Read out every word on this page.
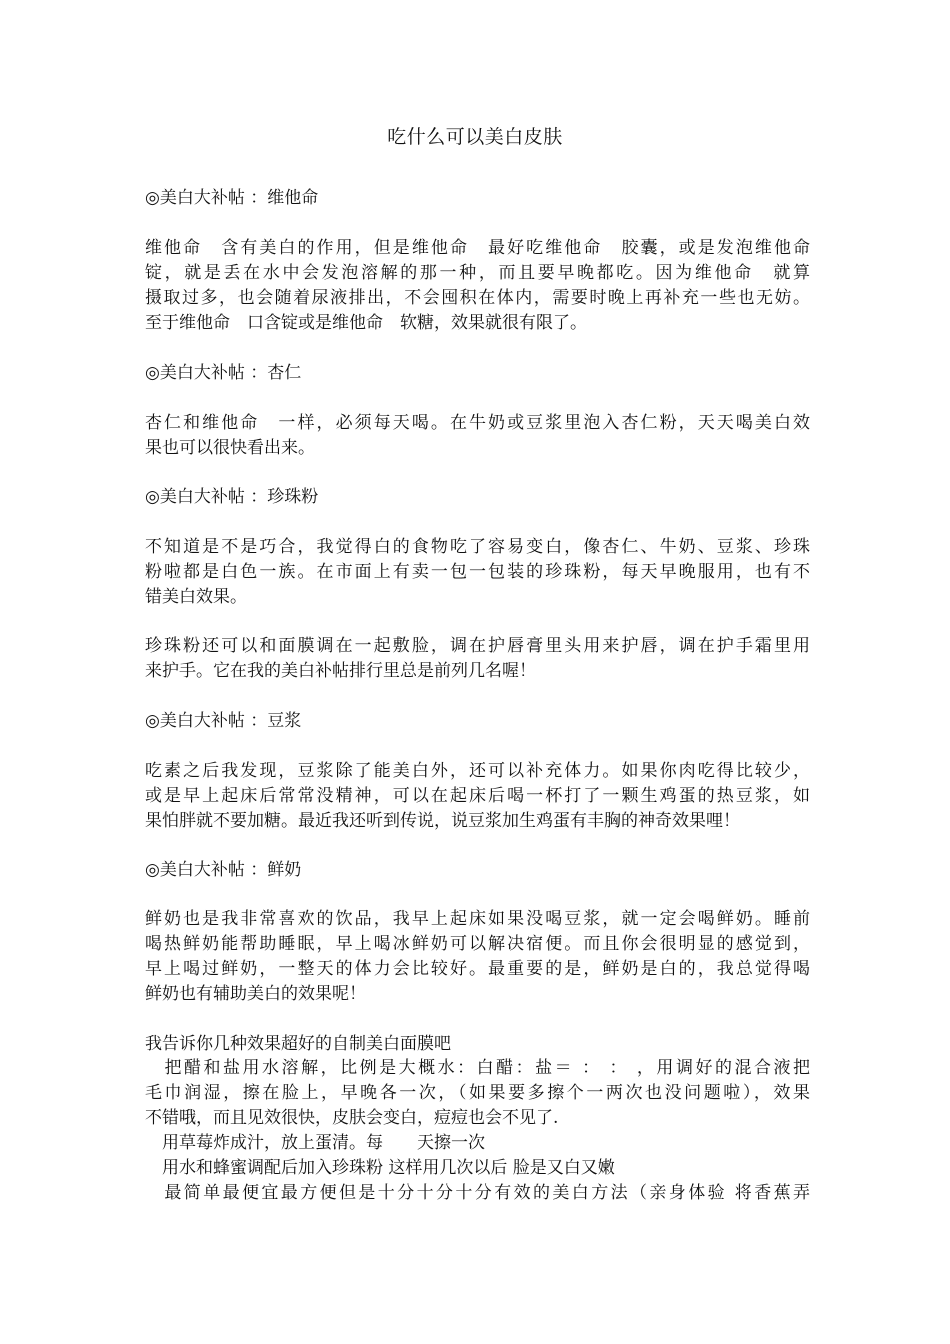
吃什么可以美白皮肤
◎美白大补帖 ：维他命
维他命　含有美白的作用，但是维他命　最好吃维他命　胶囊，或是发泡维他命
锭，就是丢在水中会发泡溶解的那一种，而且要早晚都吃。因为维他命　就算
摄取过多，也会随着尿液排出，不会囤积在体内，需要时晚上再补充一些也无妨。
至于维他命　口含锭或是维他命　软糖，效果就很有限了。
◎美白大补帖 ：杏仁
杏仁和维他命　一样，必须每天喝。在牛奶或豆浆里泡入杏仁粉，天天喝美白效
果也可以很快看出来。
◎美白大补帖 ：珍珠粉
不知道是不是巧合，我觉得白的食物吃了容易变白，像杏仁、牛奶、豆浆、珍珠
粉啦都是白色一族。在市面上有卖一包一包装的珍珠粉，每天早晚服用，也有不
错美白效果。
珍珠粉还可以和面膜调在一起敷脸，调在护唇膏里头用来护唇，调在护手霜里用
来护手。它在我的美白补帖排行里总是前列几名喔！
◎美白大补帖 ：豆浆
吃素之后我发现，豆浆除了能美白外，还可以补充体力。如果你肉吃得比较少，
或是早上起床后常常没精神，可以在起床后喝一杯打了一颗生鸡蛋的热豆浆，如
果怕胖就不要加糖。最近我还听到传说，说豆浆加生鸡蛋有丰胸的神奇效果哩！
◎美白大补帖 ：鲜奶
鲜奶也是我非常喜欢的饮品，我早上起床如果没喝豆浆，就一定会喝鲜奶。睡前
喝热鲜奶能帮助睡眠，早上喝冰鲜奶可以解决宿便。而且你会很明显的感觉到，
早上喝过鲜奶，一整天的体力会比较好。最重要的是，鲜奶是白的，我总觉得喝
鲜奶也有辅助美白的效果呢！
我告诉你几种效果超好的自制美白面膜吧
　把醋和盐用水溶解，比例是大概水：白醋：盐＝ ： ： ，用调好的混合液把
毛巾润湿，擦在脸上，早晚各一次，（如果要多擦个一两次也没问题啦），效果
不错哦，而且见效很快，皮肤会变白，痘痘也会不见了.
　用草莓炸成汁，放上蛋清。每　　天擦一次
　用水和蜂蜜调配后加入珍珠粉 这样用几次以后 脸是又白又嫩
　最简单最便宜最方便但是十分十分十分有效的美白方法（亲身体验 将香蕉弄
